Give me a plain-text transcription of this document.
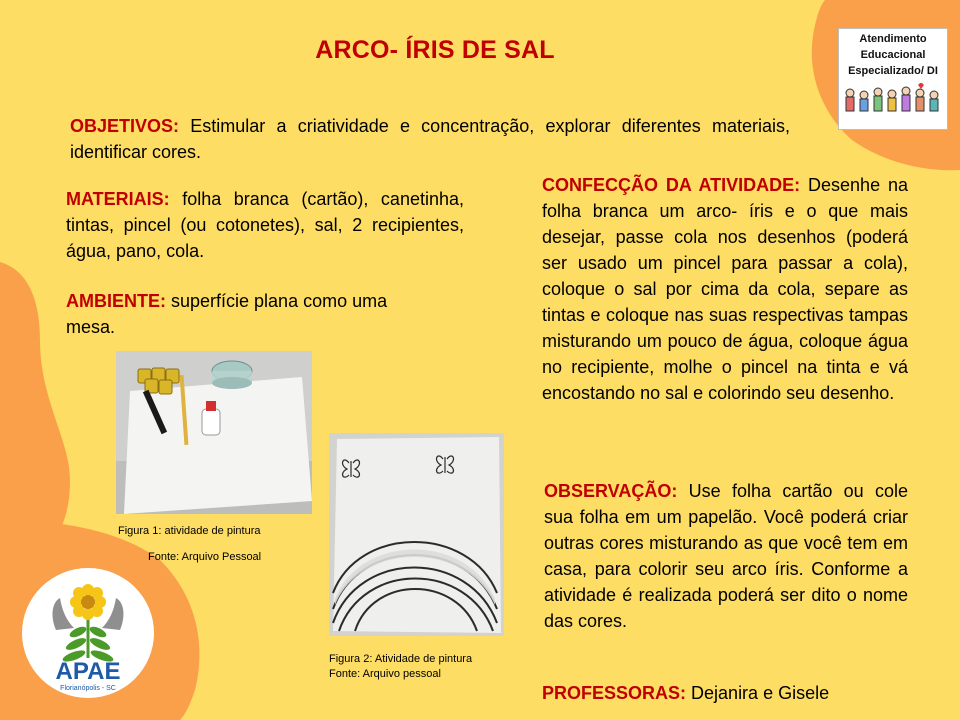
ARCO- ÍRIS DE SAL	Atendimento
Educacional
Especializado/ DI
OBJETIVOS: Estimular a criatividade e concentração, explorar diferentes materiais, identificar cores.
MATERIAIS: folha branca (cartão), canetinha, tintas, pincel (ou cotonetes), sal, 2 recipientes, água, pano, cola.
AMBIENTE: superfície plana como uma mesa.
CONFECÇÃO DA ATIVIDADE: Desenhe na folha branca um arco- íris e o que mais desejar, passe cola nos desenhos (poderá ser usado um pincel para passar a cola), coloque o sal por cima da cola, separe as tintas e coloque nas suas respectivas tampas misturando um pouco de água, coloque água no recipiente, molhe o pincel na tinta e vá encostando no sal e colorindo seu desenho.
OBSERVAÇÃO: Use folha cartão ou cole sua folha em um papelão. Você poderá criar outras cores misturando as que você tem em casa, para colorir seu arco íris. Conforme a atividade é realizada poderá ser dito o nome das cores.
PROFESSORAS: Dejanira e Gisele
Figura 1: atividade de pintura
Fonte: Arquivo Pessoal
Figura 2: Atividade de pintura
Fonte: Arquivo pessoal
APAE
Florianópolis - SC
